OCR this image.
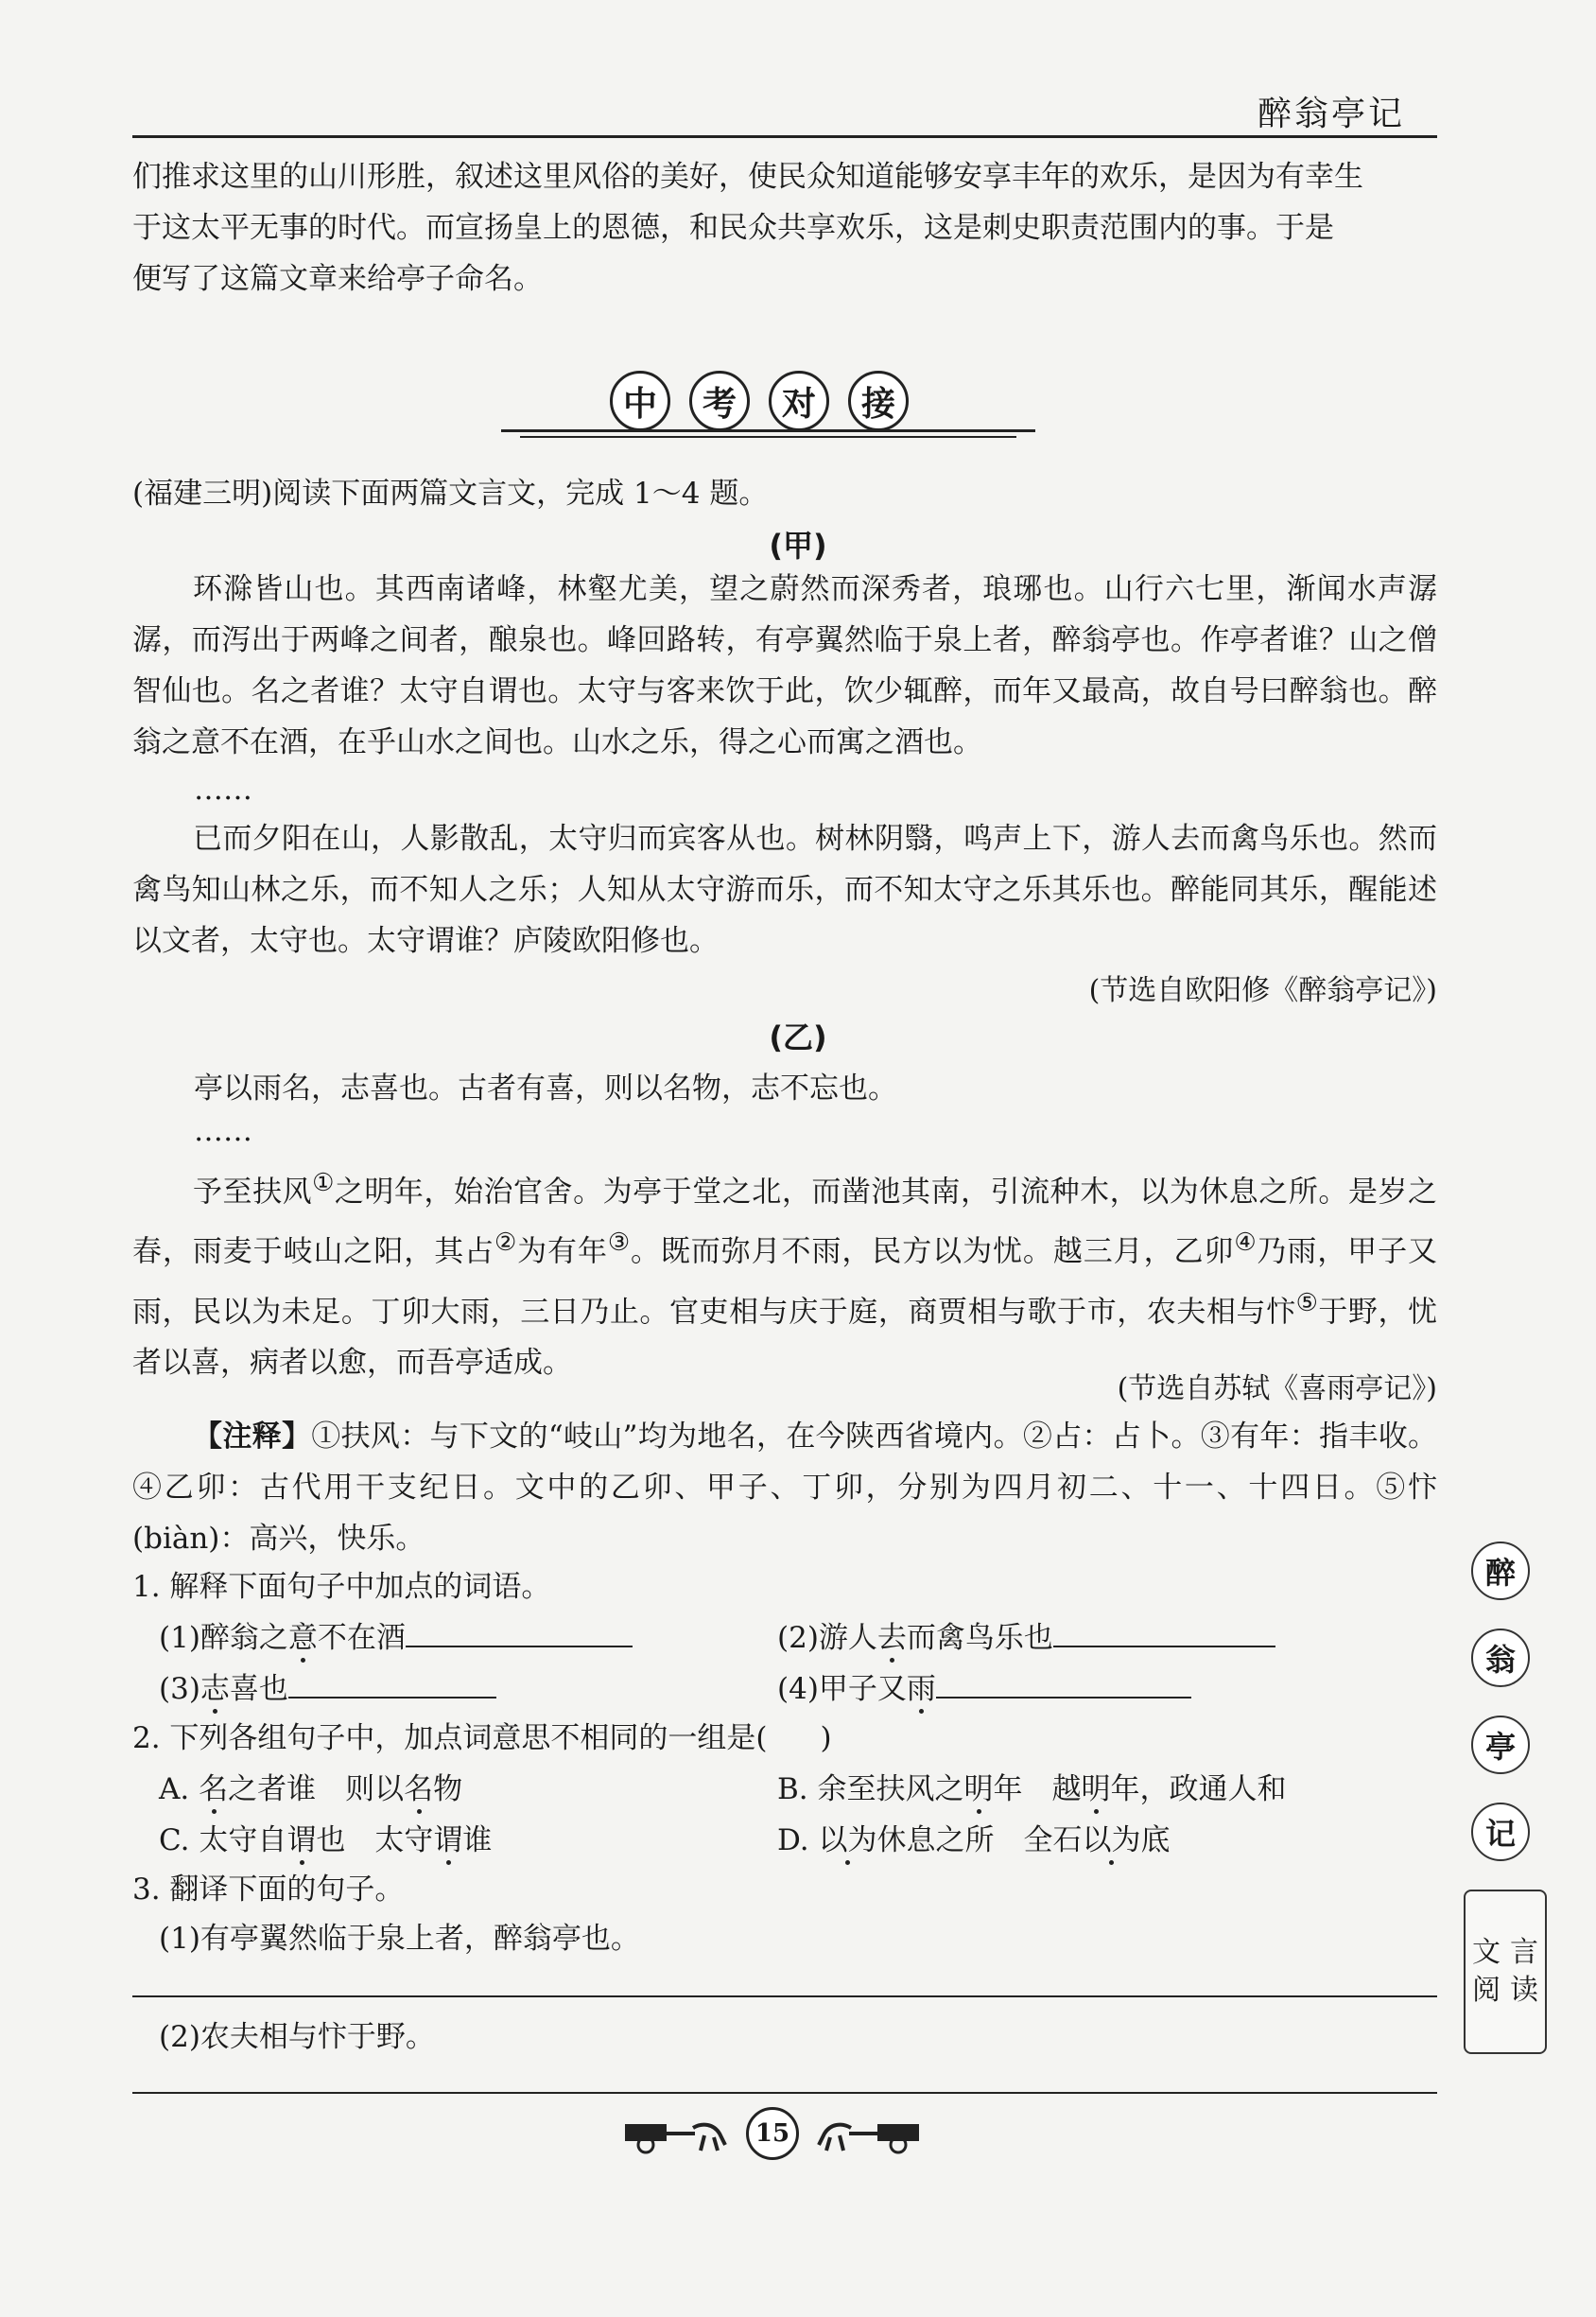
醉翁亭记
们推求这里的山川形胜，叙述这里风俗的美好，使民众知道能够安享丰年的欢乐，是因为有幸生
于这太平无事的时代。而宣扬皇上的恩德，和民众共享欢乐，这是刺史职责范围内的事。于是
便写了这篇文章来给亭子命名。
中	考	对	接
(福建三明)阅读下面两篇文言文，完成 1～4 题。
(甲)

环滁皆山也。其西南诸峰，林壑尤美，望之蔚然而深秀者，琅琊也。山行六七里，渐闻水声潺潺，而泻出于两峰之间者，酿泉也。峰回路转，有亭翼然临于泉上者，醉翁亭也。作亭者谁？山之僧智仙也。名之者谁？太守自谓也。太守与客来饮于此，饮少辄醉，而年又最高，故自号曰醉翁也。醉翁之意不在酒，在乎山水之间也。山水之乐，得之心而寓之酒也。

……

已而夕阳在山，人影散乱，太守归而宾客从也。树林阴翳，鸣声上下，游人去而禽鸟乐也。然而禽鸟知山林之乐，而不知人之乐；人知从太守游而乐，而不知太守之乐其乐也。醉能同其乐，醒能述以文者，太守也。太守谓谁？庐陵欧阳修也。

(节选自欧阳修《醉翁亭记》)
(乙)
亭以雨名，志喜也。古者有喜，则以名物，志不忘也。
……

予至扶风①之明年，始治官舍。为亭于堂之北，而凿池其南，引流种木，以为休息之所。是岁之春，雨麦于岐山之阳，其占②为有年③。既而弥月不雨，民方以为忧。越三月，乙卯④乃雨，甲子又雨，民以为未足。丁卯大雨，三日乃止。官吏相与庆于庭，商贾相与歌于市，农夫相与忭⑤于野，忧者以喜，病者以愈，而吾亭适成。

(节选自苏轼《喜雨亭记》)

【注释】①扶风：与下文的“岐山”均为地名，在今陕西省境内。②占：占卜。③有年：指丰收。④乙卯：古代用干支纪日。文中的乙卯、甲子、丁卯，分别为四月初二、十一、十四日。⑤忭(biàn)：高兴，快乐。

1. 解释下面句子中加点的词语。
(1)醉翁之意不在酒	(2)游人去而禽鸟乐也
(3)志喜也	(4)甲子又雨
2. 下列各组句子中，加点词意思不相同的一组是( )
A. 名之者谁　则以名物	B. 余至扶风之明年　越明年，政通人和
C. 太守自谓也　太守谓谁	D. 以为休息之所　全石以为底
3. 翻译下面的句子。
(1)有亭翼然临于泉上者，醉翁亭也。
(2)农夫相与忭于野。
醉
翁
亭
记
文 言
阅 读
15
